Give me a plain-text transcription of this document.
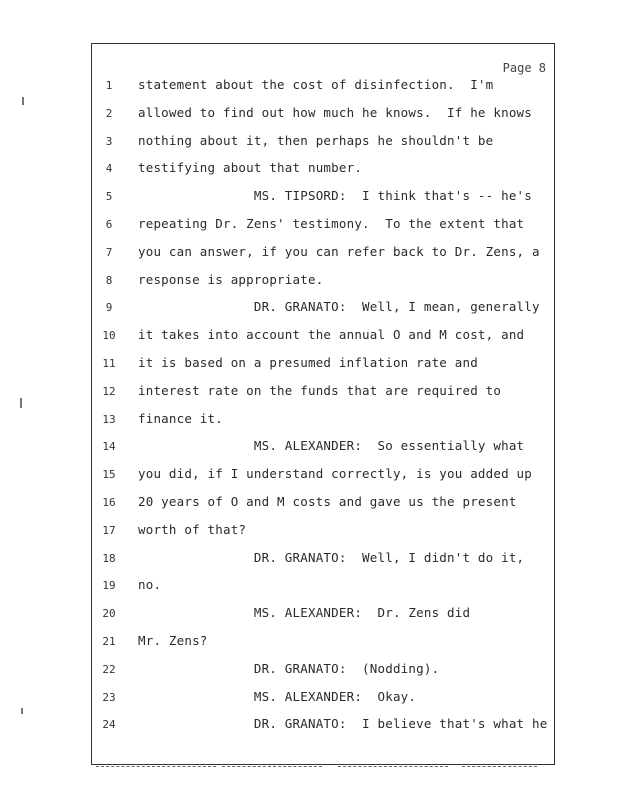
Page 8
1	statement about the cost of disinfection.  I'm
2	allowed to find out how much he knows.  If he knows
3	nothing about it, then perhaps he shouldn't be
4	testifying about that number.
5	MS. TIPSORD:  I think that's -- he's
6	repeating Dr. Zens' testimony.  To the extent that
7	you can answer, if you can refer back to Dr. Zens, a
8	response is appropriate.
9	DR. GRANATO:  Well, I mean, generally
10	it takes into account the annual O and M cost, and
11	it is based on a presumed inflation rate and
12	interest rate on the funds that are required to
13	finance it.
14	MS. ALEXANDER:  So essentially what
15	you did, if I understand correctly, is you added up
16	20 years of O and M costs and gave us the present
17	worth of that?
18	DR. GRANATO:  Well, I didn't do it,
19	no.
20	MS. ALEXANDER:  Dr. Zens did
21	Mr. Zens?
22	DR. GRANATO:  (Nodding).
23	MS. ALEXANDER:  Okay.
24	DR. GRANATO:  I believe that's what he
